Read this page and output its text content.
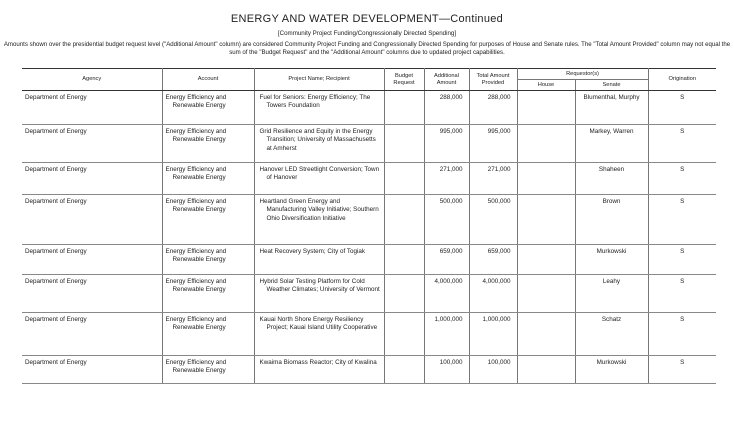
ENERGY AND WATER DEVELOPMENT—Continued
[Community Project Funding/Congressionally Directed Spending]
Amounts shown over the presidential budget request level ("Additional Amount" column) are considered Community Project Funding and Congressionally Directed Spending for purposes of House and Senate rules. The "Total Amount Provided" column may not equal the sum of the "Budget Request" and the "Additional Amount" columns due to updated project capabilities.
Agency	Account	Project Name; Recipient	Budget Request	Additional Amount	Total Amount Provided	Requestor(s)		Origination
						House	Senate	

Department of Energy	Energy Efficiency and Renewable Energy	Fuel for Seniors: Energy Efficiency; The Towers Foundation		288,000	288,000		Blumenthal, Murphy	S

Department of Energy	Energy Efficiency and Renewable Energy	Grid Resilience and Equity in the Energy Transition; University of Massachusetts at Amherst		995,000	995,000		Markey, Warren	S

Department of Energy	Energy Efficiency and Renewable Energy	Hanover LED Streetlight Conversion; Town of Hanover		271,000	271,000		Shaheen	S

Department of Energy	Energy Efficiency and Renewable Energy	Heartland Green Energy and Manufacturing Valley Initiative; Southern Ohio Diversification Initiative		500,000	500,000		Brown	S

Department of Energy	Energy Efficiency and Renewable Energy	Heat Recovery System; City of Togiak		659,000	659,000		Murkowski	S

Department of Energy	Energy Efficiency and Renewable Energy	Hybrid Solar Testing Platform for Cold Weather Climates; University of Vermont		4,000,000	4,000,000		Leahy	S

Department of Energy	Energy Efficiency and Renewable Energy	Kauai North Shore Energy Resiliency Project; Kauai Island Utility Cooperative		1,000,000	1,000,000		Schatz	S

Department of Energy	Energy Efficiency and Renewable Energy	Kwaima Biomass Reactor; City of Kwalina		100,000	100,000		Murkowski	S
